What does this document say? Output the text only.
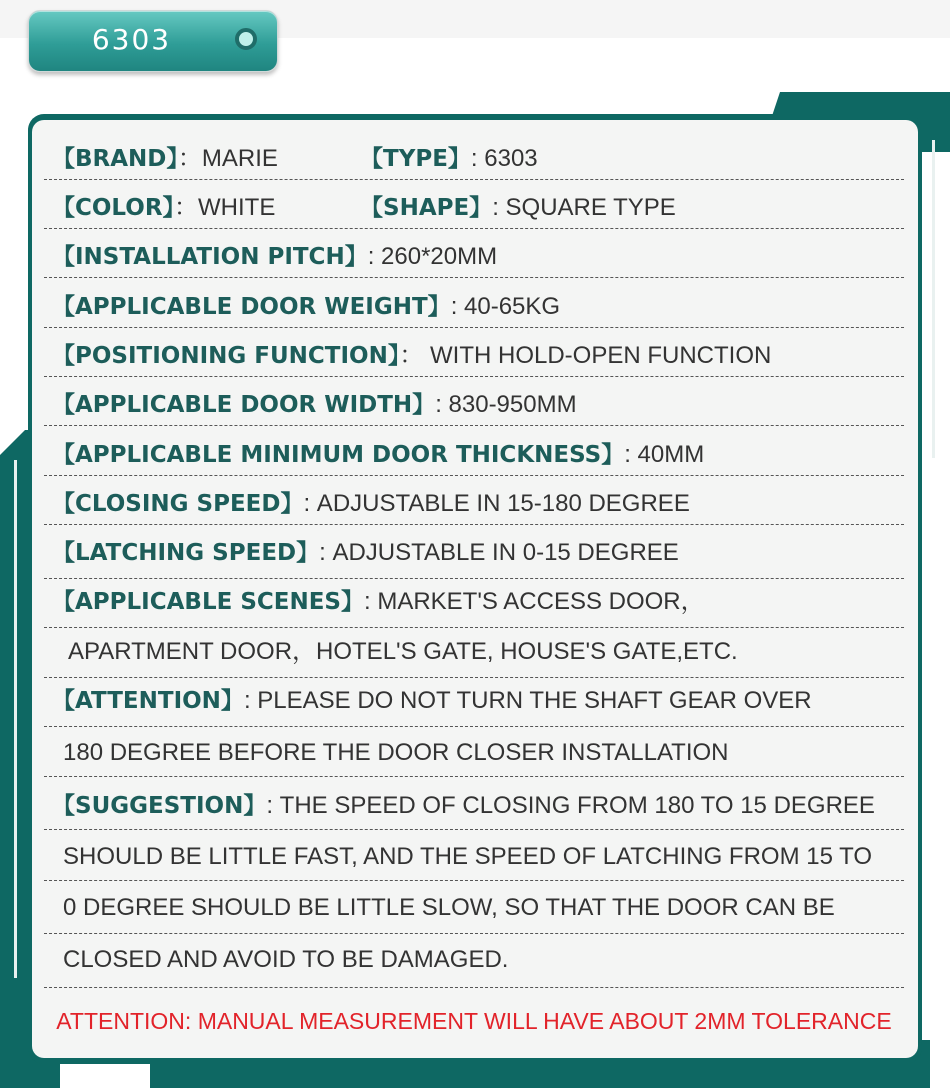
6303
【BRAND】：MARIE	【TYPE】: 6303
【COLOR】：WHITE	【SHAPE】: SQUARE TYPE
【INSTALLATION PITCH】: 260*20MM
【APPLICABLE DOOR WEIGHT】: 40-65KG
【POSITIONING FUNCTION】： WITH HOLD-OPEN FUNCTION
【APPLICABLE DOOR WIDTH】: 830-950MM
【APPLICABLE MINIMUM DOOR THICKNESS】: 40MM
【CLOSING SPEED】: ADJUSTABLE IN 15-180 DEGREE
【LATCHING SPEED】: ADJUSTABLE IN 0-15 DEGREE
【APPLICABLE SCENES】: MARKET'S ACCESS DOOR，
APARTMENT DOOR，HOTEL'S GATE, HOUSE'S GATE,ETC.
【ATTENTION】: PLEASE DO NOT TURN THE SHAFT GEAR OVER
180 DEGREE BEFORE THE DOOR CLOSER INSTALLATION
【SUGGESTION】: THE SPEED OF CLOSING FROM 180 TO 15 DEGREE
SHOULD BE LITTLE FAST, AND THE SPEED OF LATCHING FROM 15 TO
0 DEGREE SHOULD BE LITTLE SLOW, SO THAT THE DOOR CAN BE
CLOSED AND AVOID TO BE DAMAGED.
ATTENTION: MANUAL MEASUREMENT WILL HAVE ABOUT 2MM TOLERANCE
